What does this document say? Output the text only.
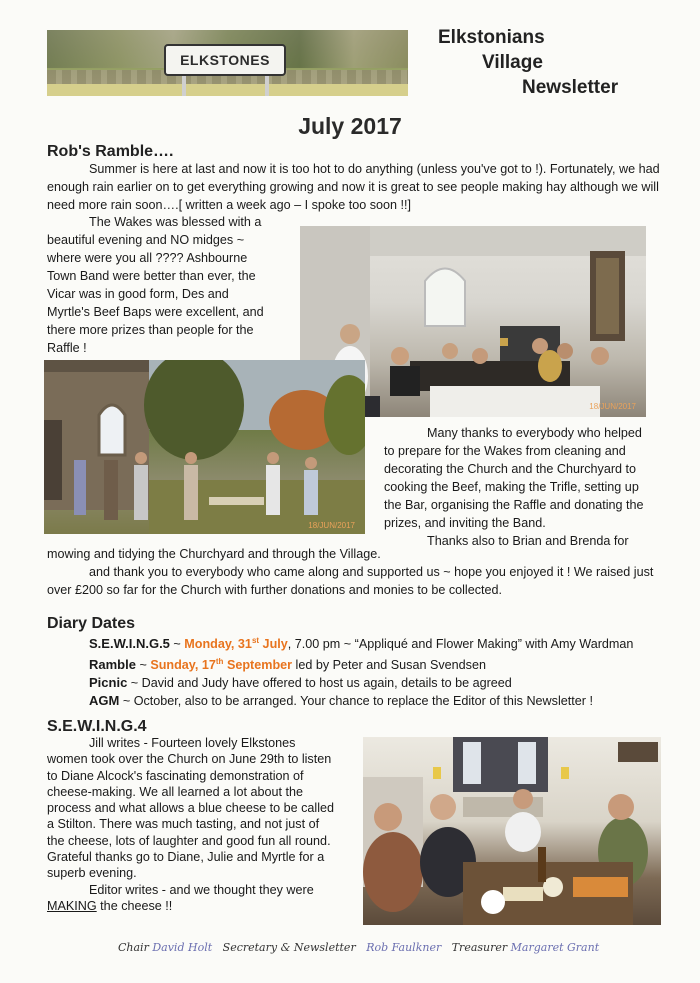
ELKSTONES
Elkstonians
Village
Newsletter
July 2017
Rob's Ramble….

Summer is here at last and now it is too hot to do anything (unless you've got to !). Fortunately, we had enough rain earlier on to get everything growing and now it is great to see people making hay although we will need more rain soon….[ written a week ago – I spoke too soon !!]

The Wakes was blessed with a
beautiful evening and NO midges ~
where were you all ???? Ashbourne
Town Band were better than ever, the
Vicar was in good form, Des and
Myrtle's Beef Baps were excellent, and
there more prizes than people for the
Raffle !
18/JUN/2017
18/JUN/2017
Many thanks to everybody who helped
to prepare for the Wakes from cleaning and
decorating the Church and the Churchyard to
cooking the Beef, making the Trifle, setting up
the Bar, organising the Raffle and donating the
prizes, and inviting the Band.
Thanks also to Brian and Brenda for

mowing and tidying the Churchyard and through the Village.

and thank you to everybody who came along and supported us ~ hope you enjoyed it ! We raised just over £200 so far for the Church with further donations and monies to be collected.

Diary Dates
S.E.W.I.N.G.5 ~ Monday, 31st July, 7.00 pm ~ “Appliqué and Flower Making” with Amy Wardman
Ramble ~ Sunday, 17th September led by Peter and Susan Svendsen
Picnic ~ David and Judy have offered to host us again, details to be agreed
AGM ~ October, also to be arranged. Your chance to replace the Editor of this Newsletter !
S.E.W.I.N.G.4
Jill writes - Fourteen lovely Elkstones
women took over the Church on June 29th to listen
to Diane Alcock's fascinating demonstration of
cheese-making. We all learned a lot about the
process and what allows a blue cheese to be called
a Stilton. There was much tasting, and not just of
the cheese, lots of laughter and good fun all round.
Grateful thanks go to Diane, Julie and Myrtle for a
superb evening.
Editor writes - and we thought they were
MAKING the cheese !!
Chair David Holt Secretary & Newsletter Rob Faulkner Treasurer Margaret Grant
